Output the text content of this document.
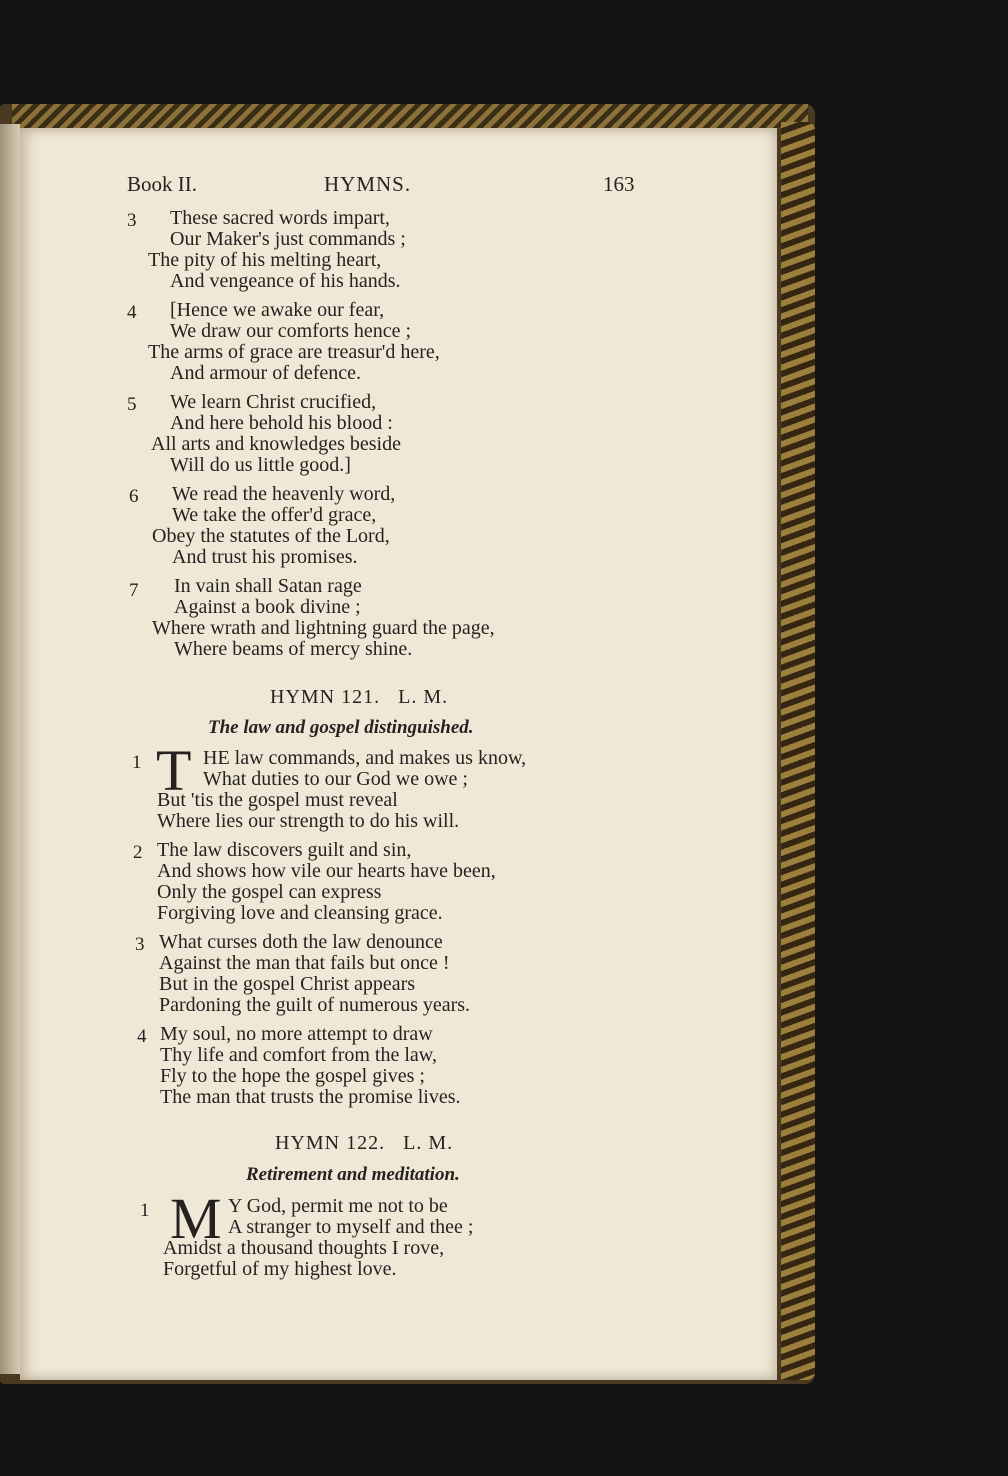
Book II.	HYMNS.	163
3 These sacred words impart,
Our Maker's just commands ;
The pity of his melting heart,
And vengeance of his hands.
4 [Hence we awake our fear,
We draw our comforts hence ;
The arms of grace are treasur'd here,
And armour of defence.
5 We learn Christ crucified,
And here behold his blood :
All arts and knowledges beside
Will do us little good.]
6 We read the heavenly word,
We take the offer'd grace,
Obey the statutes of the Lord,
And trust his promises.
7 In vain shall Satan rage
Against a book divine ;
Where wrath and lightning guard the page,
Where beams of mercy shine.
HYMN 121.   L. M.
The law and gospel distinguished.
1 T HE law commands, and makes us know,
What duties to our God we owe ;
But 'tis the gospel must reveal
Where lies our strength to do his will.
2 The law discovers guilt and sin,
And shows how vile our hearts have been,
Only the gospel can express
Forgiving love and cleansing grace.
3 What curses doth the law denounce
Against the man that fails but once !
But in the gospel Christ appears
Pardoning the guilt of numerous years.
4 My soul, no more attempt to draw
Thy life and comfort from the law,
Fly to the hope the gospel gives ;
The man that trusts the promise lives.
HYMN 122.   L. M.
Retirement and meditation.
1 M Y God, permit me not to be
A stranger to myself and thee ;
Amidst a thousand thoughts I rove,
Forgetful of my highest love.
